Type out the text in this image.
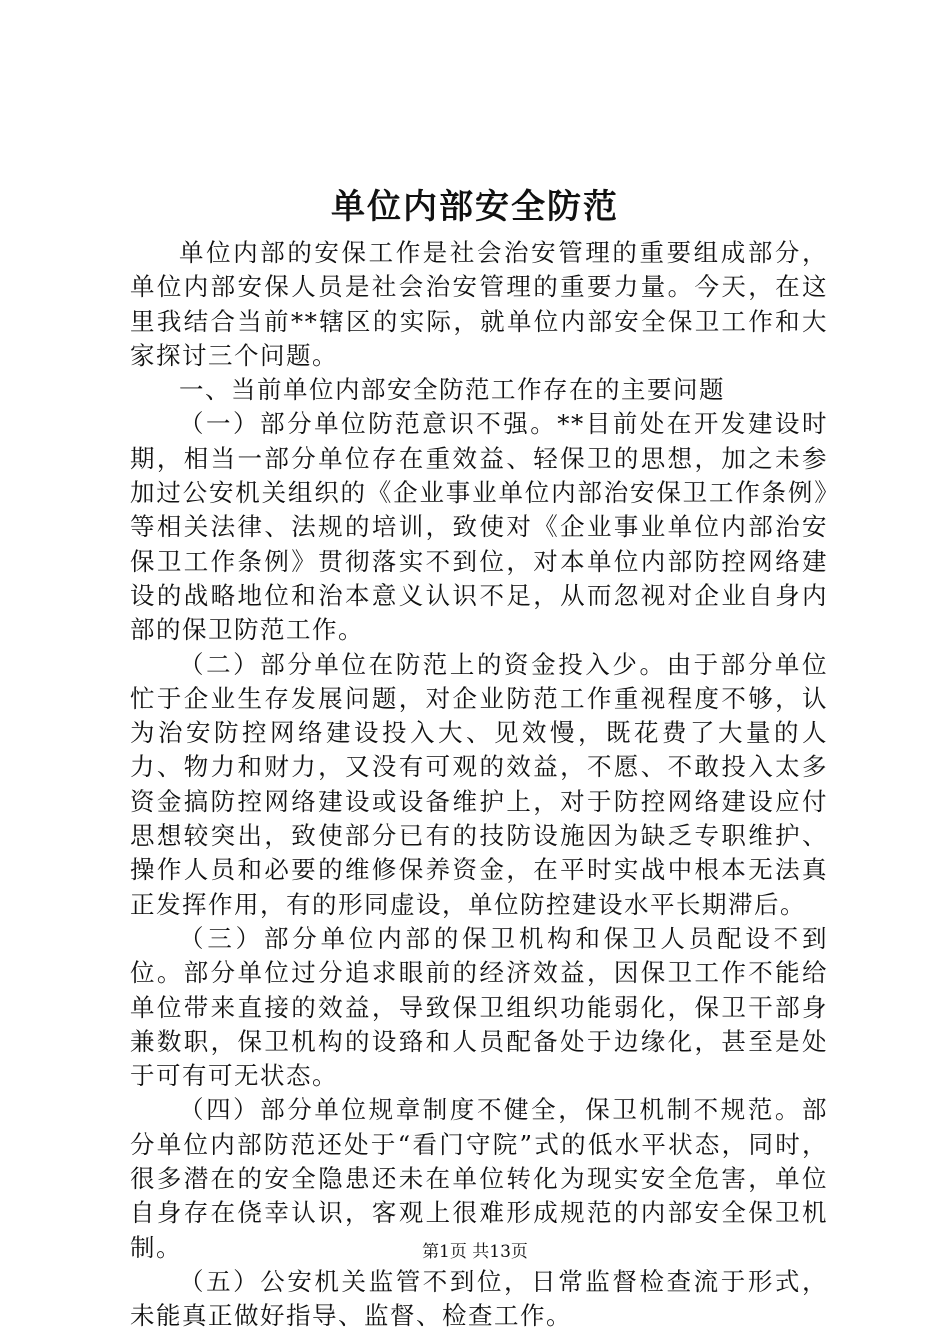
单位内部安全防范

单位内部的安保工作是社会治安管理的重要组成部分，单位内部安保人员是社会治安管理的重要力量。今天，在这里我结合当前**辖区的实际，就单位内部安全保卫工作和大家探讨三个问题。

一、当前单位内部安全防范工作存在的主要问题

（一）部分单位防范意识不强。**目前处在开发建设时期，相当一部分单位存在重效益、轻保卫的思想，加之未参加过公安机关组织的《企业事业单位内部治安保卫工作条例》等相关法律、法规的培训，致使对《企业事业单位内部治安保卫工作条例》贯彻落实不到位，对本单位内部防控网络建设的战略地位和治本意义认识不足，从而忽视对企业自身内部的保卫防范工作。

（二）部分单位在防范上的资金投入少。由于部分单位忙于企业生存发展问题，对企业防范工作重视程度不够，认为治安防控网络建设投入大、见效慢，既花费了大量的人力、物力和财力，又没有可观的效益，不愿、不敢投入太多资金搞防控网络建设或设备维护上，对于防控网络建设应付思想较突出，致使部分已有的技防设施因为缺乏专职维护、操作人员和必要的维修保养资金，在平时实战中根本无法真正发挥作用，有的形同虚设，单位防控建设水平长期滞后。

（三）部分单位内部的保卫机构和保卫人员配设不到位。部分单位过分追求眼前的经济效益，因保卫工作不能给单位带来直接的效益，导致保卫组织功能弱化，保卫干部身兼数职，保卫机构的设臵和人员配备处于边缘化，甚至是处于可有可无状态。

（四）部分单位规章制度不健全，保卫机制不规范。部分单位内部防范还处于“看门守院”式的低水平状态，同时，很多潜在的安全隐患还未在单位转化为现实安全危害，单位自身存在侥幸认识，客观上很难形成规范的内部安全保卫机制。

（五）公安机关监管不到位，日常监督检查流于形式，未能真正做好指导、监督、检查工作。

第1页 共13页
